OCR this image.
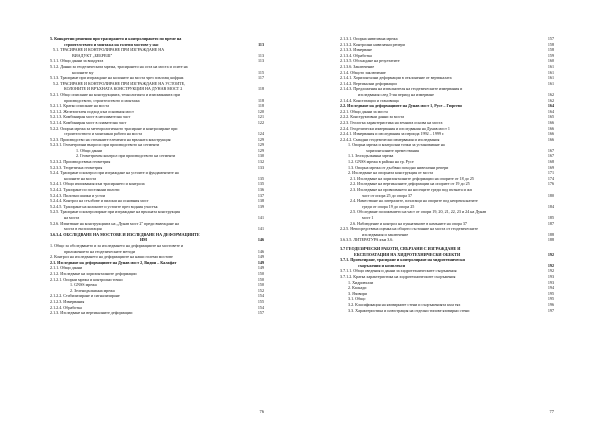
5. Конкретни решения при трасирането и контролирането по време на
строителството и монтажа на големи мостове у нас	113
5.1. ТРАСИРАНЕ И КОНТРОЛИРАНЕ ПРИ ИЗГРАЖДАНЕ НА
ВИАДУКТ „БЕБРЕШ"	113
5.1.1. Общи данни за виадукта	113
5.1.2. Данни за геодезическата мрежа, трасирането на оста на моста и осите на
колоните му	115
5.1.3. Трасиране при изграждане на колоните на моста чрез плъзгащ кофраж	117
5.2. ТРАСИРАНЕ И КОНТРОЛИРАНЕ ПРИ ИЗГРАЖДАНЕ НА УСТОИТЕ,
КОЛОНИТЕ И ВРЪХНАТА КОНСТРУКЦИЯ НА ДУНАВ МОСТ 2	118
5.2.1. Общо описание на конструкцията, технологията и изискванията при
производството, строителството и монтажа	118
5.2.1.1. Кратко описание на моста	118
5.2.1.2. Железопътен подход към основния мост	120
5.2.1.3. Комбиниран мост в неплавателна част	121
5.2.1.4. Комбиниран мост в плавателна част	122
5.2.2. Опорна мрежа за метеорологичното трасиране и контролиране при
строителството и монтажни работи на моста	124
5.2.3. Производство на стоманите елементи на връхната конструкция	129
5.2.3.1. Геометрични въпроси при производството на сегменти	129
1. Общи данни	129
2. Геометричен контрол при производството на сегменти	130
5.2.3.2. Производствена геометрия	132
5.2.3.3. Теоретична геометрия	133
5.2.4. Трасиране и контрол при изграждане на устоите и фундаментите на
колоните на моста	135
5.2.4.1. Общи изисквания към трасирането и контрола	135
5.2.4.2. Трасиране по постоянни пилоти	136
5.2.4.3. Пилотни шапки и устои	137
5.2.4.4. Контрол на стълбове и пилони на основния мост	138
5.2.4.5. Трасиране на колоните и устоите през водния участък	139
5.2.5. Трасиране и контролиране при изграждане на връхната конструкция
на моста	141
5.2.6. Изпитване на конструкцията на „Дунав мост 2" преди въвеждане на
моста в експлоатация	141
3.6.3.4. ОБСЛЕДВАНЕ НА МОСТОВЕ И ИЗСЛЕДВАНЕ НА ДЕФОРМАЦИИТЕ
ИМ	146
1. Общо за обследването и за изследването на деформациите на мостовете и
приложението на геодезическите методи	146
2. Контрол на изследването на деформациите на наши големи мостове	149
2.1. Изследване на деформациите на Дунав мост 2, Видин – Калафат	149
2.1.1. Общи данни	149
2.1.2. Изследване на хоризонталните деформации	150
2.1.2.1. Опорни мрежа и контролни точки	150
1. GNSS мрежа	150
2. Зеленодълкинна мрежа	152
2.1.2.2. Стабилизиране и сигнализиране	154
2.1.2.3. Измервания	155
2.1.2.4. Обработка	154
2.1.3. Изследване на вертикалните деформации	157
76
2.1.3.1. Опорна нивелачна мрежа	157
2.1.3.2. Контролни нивелачни репери	158
2.1.3.3. Измерване	158
2.1.3.4. Обработка	159
2.1.3.5. Обсъждане на резултатите	160
2.1.3.6. Заключение	161
2.1.4. Общото заключение	161
2.1.4.1. Хоризонтални деформации в отклонение от вертикалата	161
2.1.4.2. Вертикални деформации	161
2.1.4.3. Предложения на изпълнителя на геодезическите измервания и
изследвания след 5-ия период на измерване	162
2.1.4.4. Констатации и становища	162
2.2. Изследване на деформациите на Дунав мост 1, Русе – Гюргево	164
2.2.1. Общи данни за моста	164
2.2.2. Конструктивни данни за моста	165
2.2.3. Геологка характеристика на земната основа на моста	166
2.2.4. Геодезически измервания и изследвания на Дунав мост 1	166
2.2.4.1. Измервания и изследвания за периода 1992 – 1999 г.	166
2.2.4.2. Съвадни геодезически измервания и изследвания	166
1. Опорна мрежа и контролни точки за установяване на
хоризонталните премествания	167
1.1. Зелзодълкинна мрежа	167
1.2. GNSS мрежа в района на гр. Русе	168
1.3. Опорна мрежа от дъсбвки походно нивелачни репери	169
2. Изследване на опорната конструкция от моста	171
2.1. Изследване на хоризонталните деформации на опорите от 18 до 25	174
2.2. Изследване на вертикалните деформации на опорите от 19 до 25	176
2.3. Изследване на провисването на носещите греди под пътната и жп
част от опора 25 до опора 37	180
2.4. Наместване на латералите, плъзгащи на опорите под непрекъснатите
греди от опора 19 до опора 25	184
2.5. Обследване положението на част от опори 19, 20, 21, 22, 23 и 24 на Дунав
мост 1	185
2.6. Наблюдение и контрол на пукнатините в камъните на опора 37	187
2.2.5. Непосредствена оценка на общото състояние на моста от геодезическите
изследвания и заключение	188
3.6.3.5. ЛИТЕРАТУРА към 3.6.	188
3.7 ГЕОДЕЗИЧЕСКИ РАБОТИ, СВЪРЗАНИ С ИЗГРАЖДАНЕ И
ЕКСПЛОАТАЦИЯ НА ХИДРОТЕХНИЧЕСКИ ОБЕКТИ	192
3.7.1. Проектиране, трасиране и контролиране на хидротехнически
съоръжения и комплекси	192
3.7.1.1. Общи сведения и данни за хидротехническите съоръжения	192
3.7.1.2. Кратка характеристика на хидротехническите съоръжения	193
1. Хидровъзли	193
2. Каскади	194
3. Язовири	195
3.1. Общо	195
3.2. Класификация на язовирните стени и съоръженията към тях	196
3.3. Характеристика и илюстрация на отделни типове язовирни стени	197
77
